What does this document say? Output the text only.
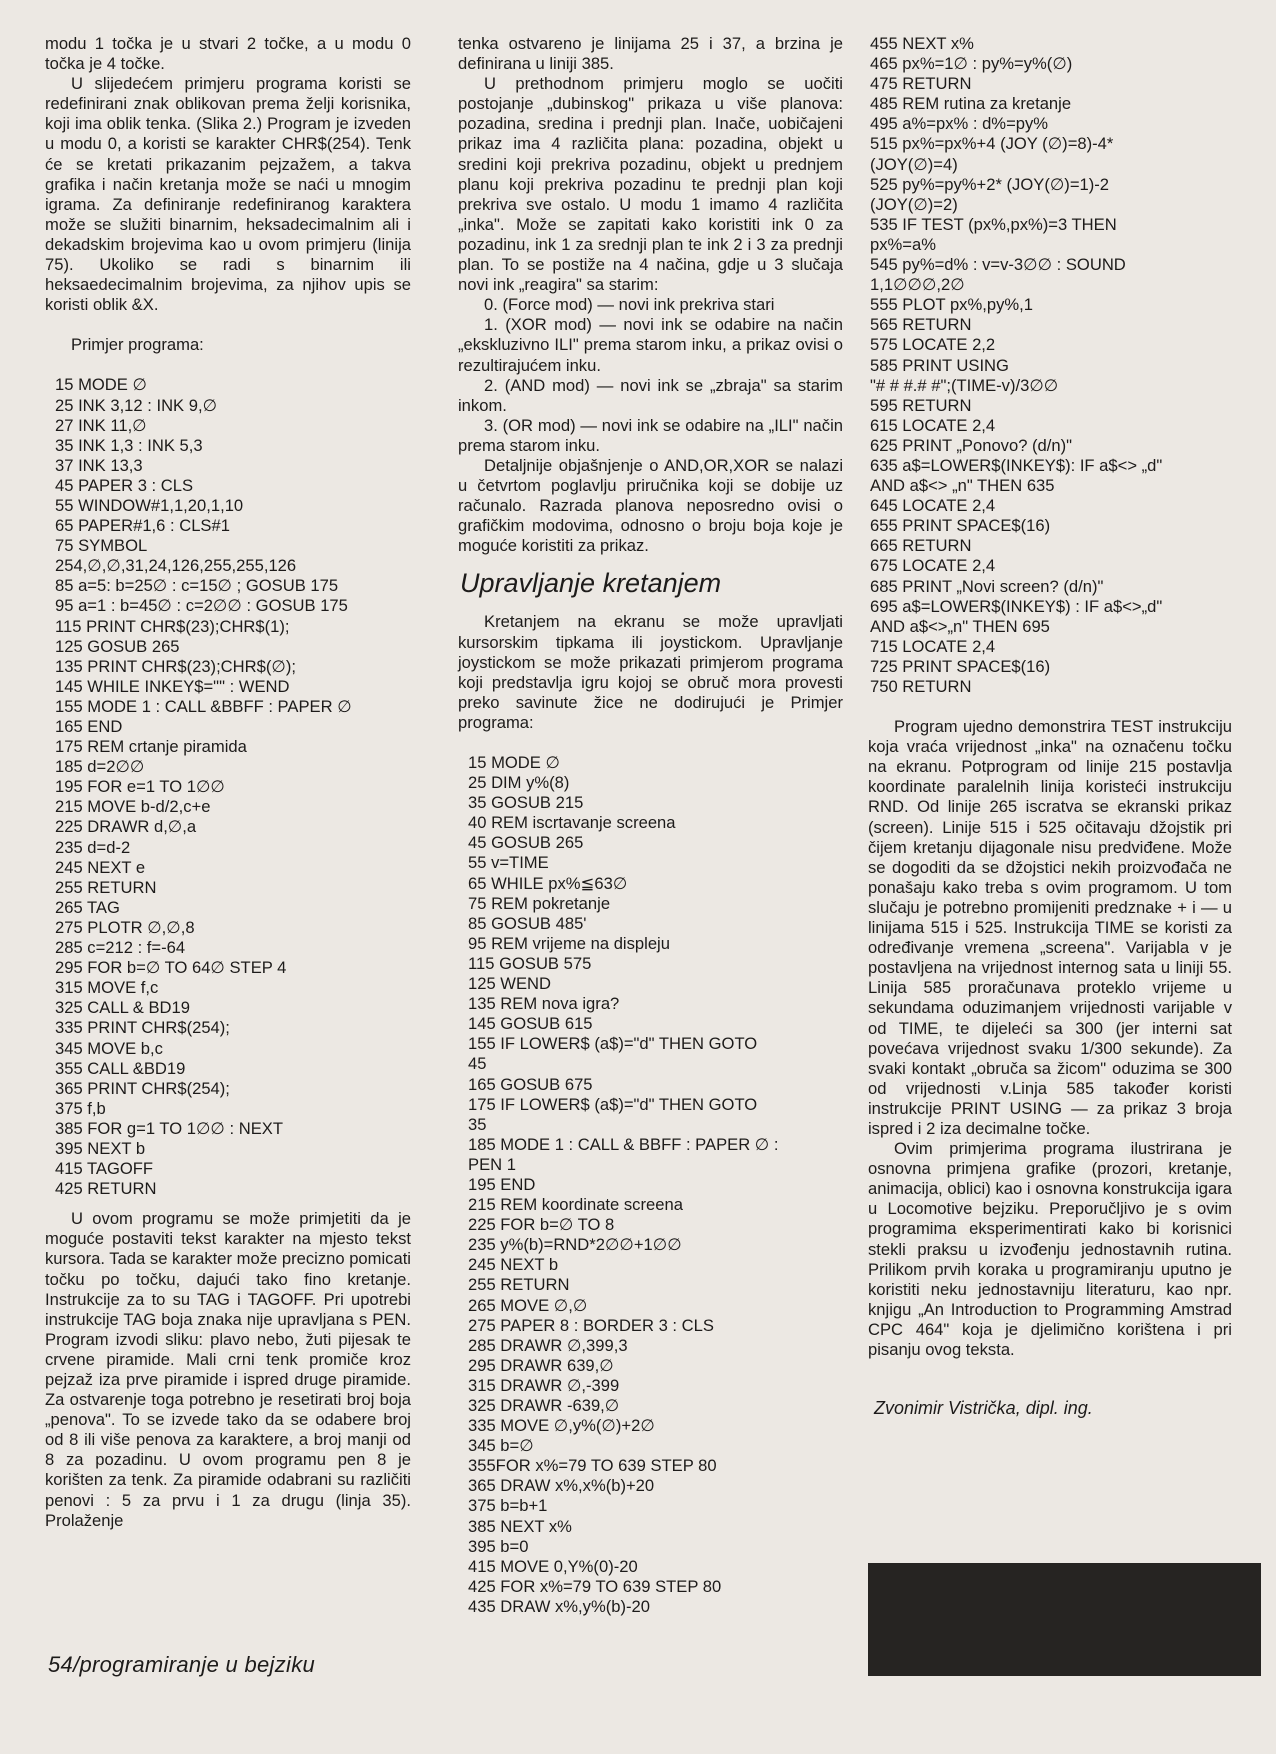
modu 1 točka je u stvari 2 točke, a u modu 0 točka je 4 točke.

U slijedećem primjeru programa koristi se redefinirani znak oblikovan prema želji korisnika, koji ima oblik tenka. (Slika 2.) Program je izveden u modu 0, a koristi se karakter CHR$(254). Tenk će se kretati prikazanim pejzažem, a takva grafika i način kretanja može se naći u mnogim igrama. Za definiranje redefiniranog karaktera može se služiti binarnim, heksadecimalnim ali i dekadskim brojevima kao u ovom primjeru (linija 75). Ukoliko se radi s binarnim ili heksaedecimalnim brojevima, za njihov upis se koristi oblik &X.

Primjer programa:

15 MODE ∅
25 INK 3,12 : INK 9,∅
27 INK 11,∅
35 INK 1,3 : INK 5,3
37 INK 13,3
45 PAPER 3 : CLS
55 WINDOW#1,1,20,1,10
65 PAPER#1,6 : CLS#1
75 SYMBOL
254,∅,∅,31,24,126,255,255,126
85 a=5: b=25∅ : c=15∅ ; GOSUB 175
95 a=1 : b=45∅ : c=2∅∅ : GOSUB 175
115 PRINT CHR$(23);CHR$(1);
125 GOSUB 265
135 PRINT CHR$(23);CHR$(∅);
145 WHILE INKEY$="" : WEND
155 MODE 1 : CALL &BBFF : PAPER ∅
165 END
175 REM crtanje piramida
185 d=2∅∅
195 FOR e=1 TO 1∅∅
215 MOVE b-d/2,c+e
225 DRAWR d,∅,a
235 d=d-2
245 NEXT e
255 RETURN
265 TAG
275 PLOTR ∅,∅,8
285 c=212 : f=-64
295 FOR b=∅ TO 64∅ STEP 4
315 MOVE f,c
325 CALL & BD19
335 PRINT CHR$(254);
345 MOVE b,c
355 CALL &BD19
365 PRINT CHR$(254);
375 f,b
385 FOR g=1 TO 1∅∅ : NEXT
395 NEXT b
415 TAGOFF
425 RETURN

U ovom programu se može primjetiti da je moguće postaviti tekst karakter na mjesto tekst kursora. Tada se karakter može precizno pomicati točku po točku, dajući tako fino kretanje. Instrukcije za to su TAG i TAGOFF. Pri upotrebi instrukcije TAG boja znaka nije upravljana s PEN. Program izvodi sliku: plavo nebo, žuti pijesak te crvene piramide. Mali crni tenk promiče kroz pejzaž iza prve piramide i ispred druge piramide. Za ostvarenje toga potrebno je resetirati broj boja „penova". To se izvede tako da se odabere broj od 8 ili više penova za karaktere, a broj manji od 8 za pozadinu. U ovom programu pen 8 je korišten za tenk. Za piramide odabrani su različiti penovi : 5 za prvu i 1 za drugu (linja 35). Prolaženje

tenka ostvareno je linijama 25 i 37, a brzina je definirana u liniji 385.

U prethodnom primjeru moglo se uočiti postojanje „dubinskog" prikaza u više planova: pozadina, sredina i prednji plan. Inače, uobičajeni prikaz ima 4 različita plana: pozadina, objekt u sredini koji prekriva pozadinu, objekt u prednjem planu koji prekriva pozadinu te prednji plan koji prekriva sve ostalo. U modu 1 imamo 4 različita „inka". Može se zapitati kako koristiti ink 0 za pozadinu, ink 1 za srednji plan te ink 2 i 3 za prednji plan. To se postiže na 4 načina, gdje u 3 slučaja novi ink „reagira" sa starim:

0. (Force mod) — novi ink prekriva stari

1. (XOR mod) — novi ink se odabire na način „ekskluzivno ILI" prema starom inku, a prikaz ovisi o rezultirajućem inku.

2. (AND mod) — novi ink se „zbraja" sa starim inkom.

3. (OR mod) — novi ink se odabire na „ILI" način prema starom inku.

Detaljnije objašnjenje o AND,OR,XOR se nalazi u četvrtom poglavlju priručnika koji se dobije uz računalo. Razrada planova neposredno ovisi o grafičkim modovima, odnosno o broju boja koje je moguće koristiti za prikaz.

Upravljanje kretanjem

Kretanjem na ekranu se može upravljati kursorskim tipkama ili joystickom. Upravljanje joystickom se može prikazati primjerom programa koji predstavlja igru kojoj se obruč mora provesti preko savinute žice ne dodirujući je Primjer programa:

15 MODE ∅
25 DIM y%(8)
35 GOSUB 215
40 REM iscrtavanje screena
45 GOSUB 265
55 v=TIME
65 WHILE px%≦63∅
75 REM pokretanje
85 GOSUB 485'
95 REM vrijeme na displeju
115 GOSUB 575
125 WEND
135 REM nova igra?
145 GOSUB 615
155 IF LOWER$ (a$)="d" THEN GOTO
45
165 GOSUB 675
175 IF LOWER$ (a$)="d" THEN GOTO
35
185 MODE 1 : CALL & BBFF : PAPER ∅ :
PEN 1
195 END
215 REM koordinate screena
225 FOR b=∅ TO 8
235 y%(b)=RND*2∅∅+1∅∅
245 NEXT b
255 RETURN
265 MOVE ∅,∅
275 PAPER 8 : BORDER 3 : CLS
285 DRAWR ∅,399,3
295 DRAWR 639,∅
315 DRAWR ∅,-399
325 DRAWR -639,∅
335 MOVE ∅,y%(∅)+2∅
345 b=∅
355FOR x%=79 TO 639 STEP 80
365 DRAW x%,x%(b)+20
375 b=b+1
385 NEXT x%
395 b=0
415 MOVE 0,Y%(0)-20
425 FOR x%=79 TO 639 STEP 80
435 DRAW x%,y%(b)-20
455 NEXT x%
465 px%=1∅ : py%=y%(∅)
475 RETURN
485 REM rutina za kretanje
495 a%=px% : d%=py%
515 px%=px%+4 (JOY (∅)=8)-4*
(JOY(∅)=4)
525 py%=py%+2* (JOY(∅)=1)-2
(JOY(∅)=2)
535 IF TEST (px%,px%)=3 THEN
px%=a%
545 py%=d% : v=v-3∅∅ : SOUND
1,1∅∅∅,2∅
555 PLOT px%,py%,1
565 RETURN
575 LOCATE 2,2
585 PRINT USING
"# # #.# #";(TIME-v)/3∅∅
595 RETURN
615 LOCATE 2,4
625 PRINT „Ponovo? (d/n)"
635 a$=LOWER$(INKEY$): IF a$<> „d"
AND a$<> „n" THEN 635
645 LOCATE 2,4
655 PRINT SPACE$(16)
665 RETURN
675 LOCATE 2,4
685 PRINT „Novi screen? (d/n)"
695 a$=LOWER$(INKEY$) : IF a$<>„d"
AND a$<>„n" THEN 695
715 LOCATE 2,4
725 PRINT SPACE$(16)
750 RETURN

Program ujedno demonstrira TEST instrukciju koja vraća vrijednost „inka" na označenu točku na ekranu. Potprogram od linije 215 postavlja koordinate paralelnih linija koristeći instrukciju RND. Od linije 265 iscratva se ekranski prikaz (screen). Linije 515 i 525 očitavaju džojstik pri čijem kretanju dijagonale nisu predviđene. Može se dogoditi da se džojstici nekih proizvođača ne ponašaju kako treba s ovim programom. U tom slučaju je potrebno promijeniti predznake + i — u linijama 515 i 525. Instrukcija TIME se koristi za određivanje vremena „screena". Varijabla v je postavljena na vrijednost internog sata u liniji 55. Linija 585 proračunava proteklo vrijeme u sekundama oduzimanjem vrijednosti varijable v od TIME, te dijeleći sa 300 (jer interni sat povećava vrijednost svaku 1/300 sekunde). Za svaki kontakt „obruča sa žicom" oduzima se 300 od vrijednosti v.Linja 585 također koristi instrukcije PRINT USING — za prikaz 3 broja ispred i 2 iza decimalne točke.

Ovim primjerima programa ilustrirana je osnovna primjena grafike (prozori, kretanje, animacija, oblici) kao i osnovna konstrukcija igara u Locomotive bejziku. Preporučljivo je s ovim programima eksperimentirati kako bi korisnici stekli praksu u izvođenju jednostavnih rutina. Prilikom prvih koraka u programiranju uputno je koristiti neku jednostavniju literaturu, kao npr. knjigu „An Introduction to Programming Amstrad CPC 464" koja je djelimično korištena i pri pisanju ovog teksta.

Zvonimir Vistrička, dipl. ing.
54/programiranje u bejziku
